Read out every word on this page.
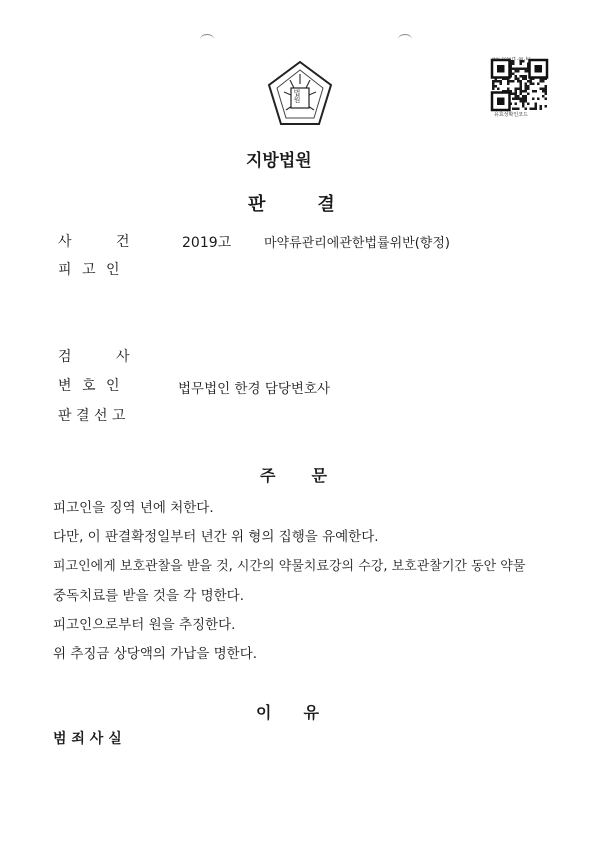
법원
www.scourt.go.kr
유효성확인코드
지방법원
판	결
사 건	2019고	마약류관리에관한법률위반(향정)
피 고 인
검 사
변 호 인	법무법인 한경 담당변호사
판 결 선 고
주 문
피고인을 징역 년에 처한다.
다만, 이 판결확정일부터 년간 위 형의 집행을 유예한다.
피고인에게 보호관찰을 받을 것, 시간의 약물치료강의 수강, 보호관찰기간 동안 약물
중독치료를 받을 것을 각 명한다.
피고인으로부터 원을 추징한다.
위 추징금 상당액의 가납을 명한다.
이 유
범 죄 사 실
